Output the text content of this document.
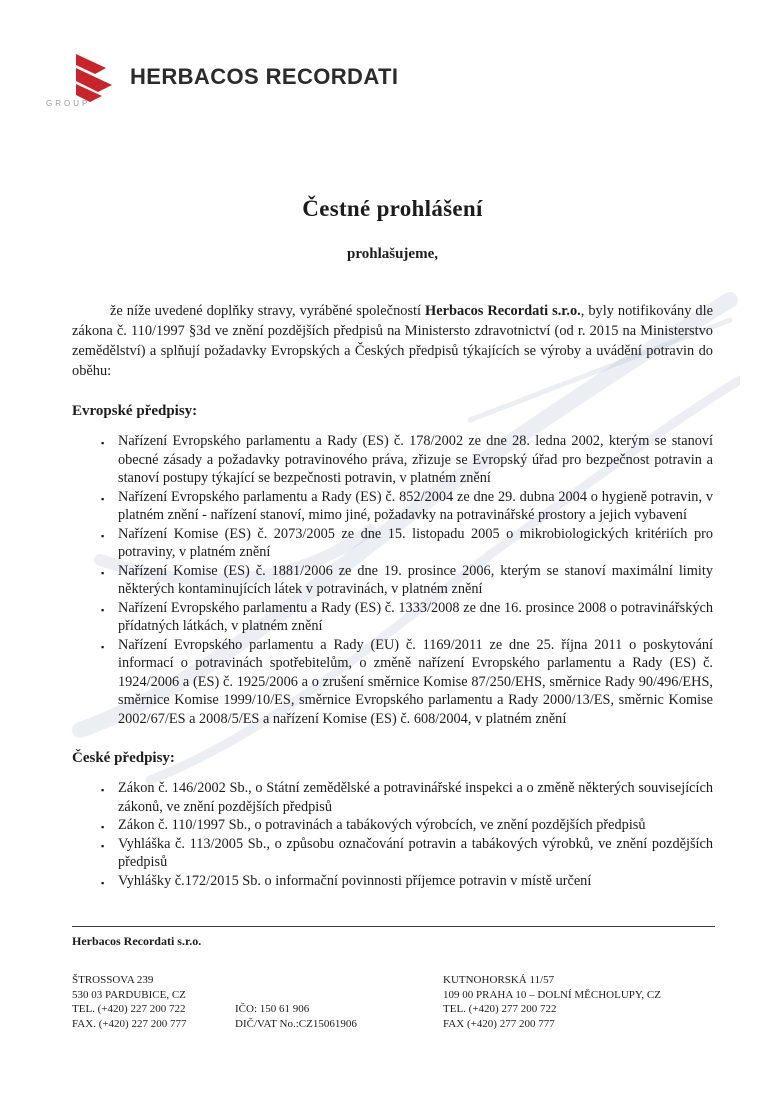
GROUP
HERBACOS RECORDATI
Čestné prohlášení
prohlašujeme,

že níže uvedené doplňky stravy, vyráběné společností Herbacos Recordati s.r.o., byly notifikovány dle zákona č. 110/1997 §3d ve znění pozdějších předpisů na Ministersto zdravotnictví (od r. 2015 na Ministerstvo zemědělství) a splňují požadavky Evropských a Českých předpisů týkajících se výroby a uvádění potravin do oběhu:

Evropské předpisy:
▪ Nařízení Evropského parlamentu a Rady (ES) č. 178/2002 ze dne 28. ledna 2002, kterým se stanoví obecné zásady a požadavky potravinového práva, zřizuje se Evropský úřad pro bezpečnost potravin a stanoví postupy týkající se bezpečnosti potravin, v platném znění
▪ Nařízení Evropského parlamentu a Rady (ES) č. 852/2004 ze dne 29. dubna 2004 o hygieně potravin, v platném znění - nařízení stanoví, mimo jiné, požadavky na potravinářské prostory a jejich vybavení
▪ Nařízení Komise (ES) č. 2073/2005 ze dne 15. listopadu 2005 o mikrobiologických kritériích pro potraviny, v platném znění
▪ Nařízení Komise (ES) č. 1881/2006 ze dne 19. prosince 2006, kterým se stanoví maximální limity některých kontaminujících látek v potravinách, v platném znění
▪ Nařízení Evropského parlamentu a Rady (ES) č. 1333/2008 ze dne 16. prosince 2008 o potravinářských přídatných látkách, v platném znění
▪ Nařízení Evropského parlamentu a Rady (EU) č. 1169/2011 ze dne 25. října 2011 o poskytování informací o potravinách spotřebitelům, o změně nařízení Evropského parlamentu a Rady (ES) č. 1924/2006 a (ES) č. 1925/2006 a o zrušení směrnice Komise 87/250/EHS, směrnice Rady 90/496/EHS, směrnice Komise 1999/10/ES, směrnice Evropského parlamentu a Rady 2000/13/ES, směrnic Komise 2002/67/ES a 2008/5/ES a nařízení Komise (ES) č. 608/2004, v platném znění
České předpisy:
▪ Zákon č. 146/2002 Sb., o Státní zemědělské a potravinářské inspekci a o změně některých souvisejících zákonů, ve znění pozdějších předpisů
▪ Zákon č. 110/1997 Sb., o potravinách a tabákových výrobcích, ve znění pozdějších předpisů
▪ Vyhláška č. 113/2005 Sb., o způsobu označování potravin a tabákových výrobků, ve znění pozdějších předpisů
▪ Vyhlášky č.172/2015 Sb. o informační povinnosti příjemce potravin v místě určení
Herbacos Recordati s.r.o.
ŠTROSSOVA 239
530 03 PARDUBICE, CZ
TEL. (+420) 227 200 722
FAX. (+420) 227 200 777
IČO: 150 61 906
DIČ/VAT No.:CZ15061906
KUTNOHORSKÁ 11/57
109 00 PRAHA 10 – DOLNÍ MĚCHOLUPY, CZ
TEL. (+420) 277 200 722
FAX (+420) 277 200 777
